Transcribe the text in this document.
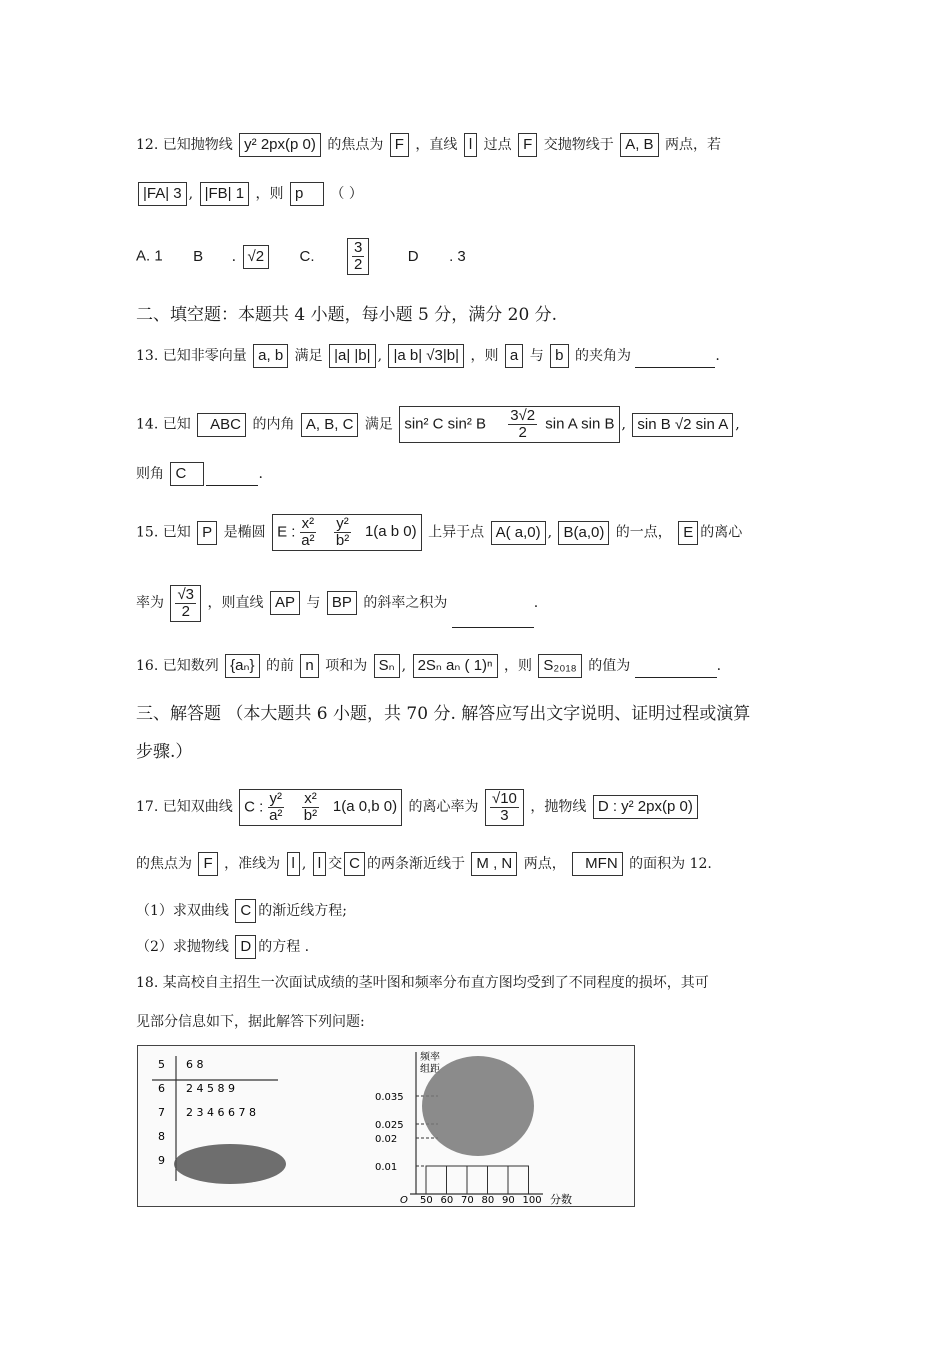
12. 已知抛物线 y² 2px(p 0) 的焦点为 F ，直线 l 过点 F 交抛物线于 A, B 两点，若
|FA| 3 , |FB| 1 ，则 p （ ）
A. 1 B . √2 C. $\frac{3}{2}$	D . 3
二、填空题：本题共 4 小题，每小题 5 分，满分 20 分.
13. 已知非零向量 a, b 满足 |a| |b| , |a b| √3|b| ，则 a 与 b 的夹角为	.
14. 已知 ABC 的内角 A, B, C 满足 sin² C sin² B $\frac{3√2}{2}$ sin A sin B , sin B √2 sin A ,
则角 C	.
15. 已知 P 是椭圆 E : $\frac{\text{x²}}{\text{a²}}$
$\frac{\text{y²}}{\text{b²}} 1(a$ b 0) 上异于点 A( a,0) , B(a,0) 的一点， E 的离心
率为 $\frac{√3}{2}$ ，则直线 AP 与 BP 的斜率之积为	.
16. 已知数列 {aₙ} 的前 n 项和为 Sₙ , 2Sₙ aₙ ( 1)ⁿ ，则 S₂₀₁₈ 的值为	.
三、解答题 （本大题共 6 小题，共 70 分. 解答应写出文字说明、证明过程或演算
步骤.）
17. 已知双曲线 C : $\frac{\text{y²}}{\text{a²}}$
$\frac{\text{x²}}{\text{b²}} 1(a$ 0,b 0) 的离心率为 $\frac{√10}{3}$ ，抛物线 D : y² 2px(p 0)
的焦点为 F ，准线为 l , l 交 C 的两条渐近线于 M , N 两点， MFN 的面积为 12.
（1）求双曲线 C 的渐近线方程;
（2）求抛物线 D 的方程 .
18. 某高校自主招生一次面试成绩的茎叶图和频率分布直方图均受到了不同程度的损坏，其可
见部分信息如下，据此解答下列问题:
5 6 8
6 2 4 5 8 9
7 2 3 4 6 6 7 8
8
9
频率
组距
O	分数
0.035
0.025
0.02
0.01
50 60 70 80 90 100
